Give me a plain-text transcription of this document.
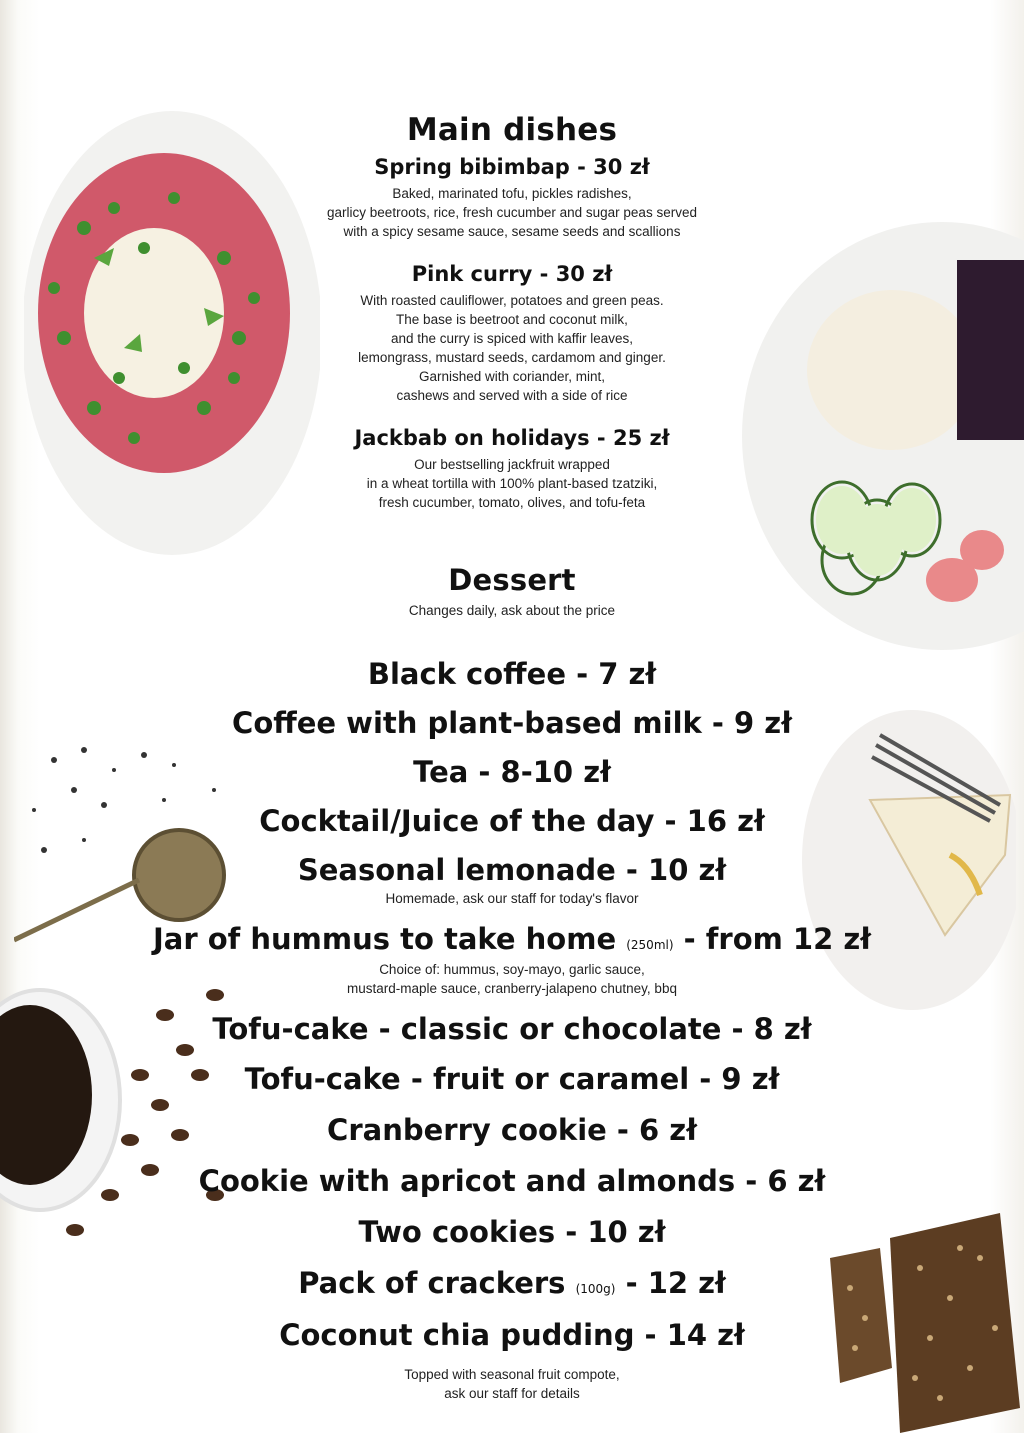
Main dishes
Spring bibimbap - 30 zł
Baked, marinated tofu, pickles radishes,
garlicy beetroots, rice, fresh cucumber and sugar peas served
with a spicy sesame sauce, sesame seeds and scallions
Pink curry - 30 zł
With roasted cauliflower, potatoes and green peas.
The base is beetroot and coconut milk,
and the curry is spiced with kaffir leaves,
lemongrass, mustard seeds, cardamom and ginger.
Garnished with coriander, mint,
cashews and served with a side of rice
Jackbab on holidays - 25 zł
Our bestselling jackfruit wrapped
in a wheat tortilla with 100% plant-based tzatziki,
fresh cucumber, tomato, olives, and tofu-feta
Dessert
Changes daily, ask about the price
Black coffee - 7 zł
Coffee with plant-based milk - 9 zł
Tea - 8-10 zł
Cocktail/Juice of the day - 16 zł
Seasonal lemonade - 10 zł
Homemade, ask our staff for today's flavor
Jar of hummus to take home (250ml) - from 12 zł
Choice of: hummus, soy-mayo, garlic sauce,
mustard-maple sauce, cranberry-jalapeno chutney, bbq
Tofu-cake - classic or chocolate - 8 zł
Tofu-cake - fruit or caramel - 9 zł
Cranberry cookie - 6 zł
Cookie with apricot and almonds - 6 zł
Two cookies - 10 zł
Pack of crackers (100g) - 12 zł
Coconut chia pudding - 14 zł
Topped with seasonal fruit compote,
ask our staff for details
